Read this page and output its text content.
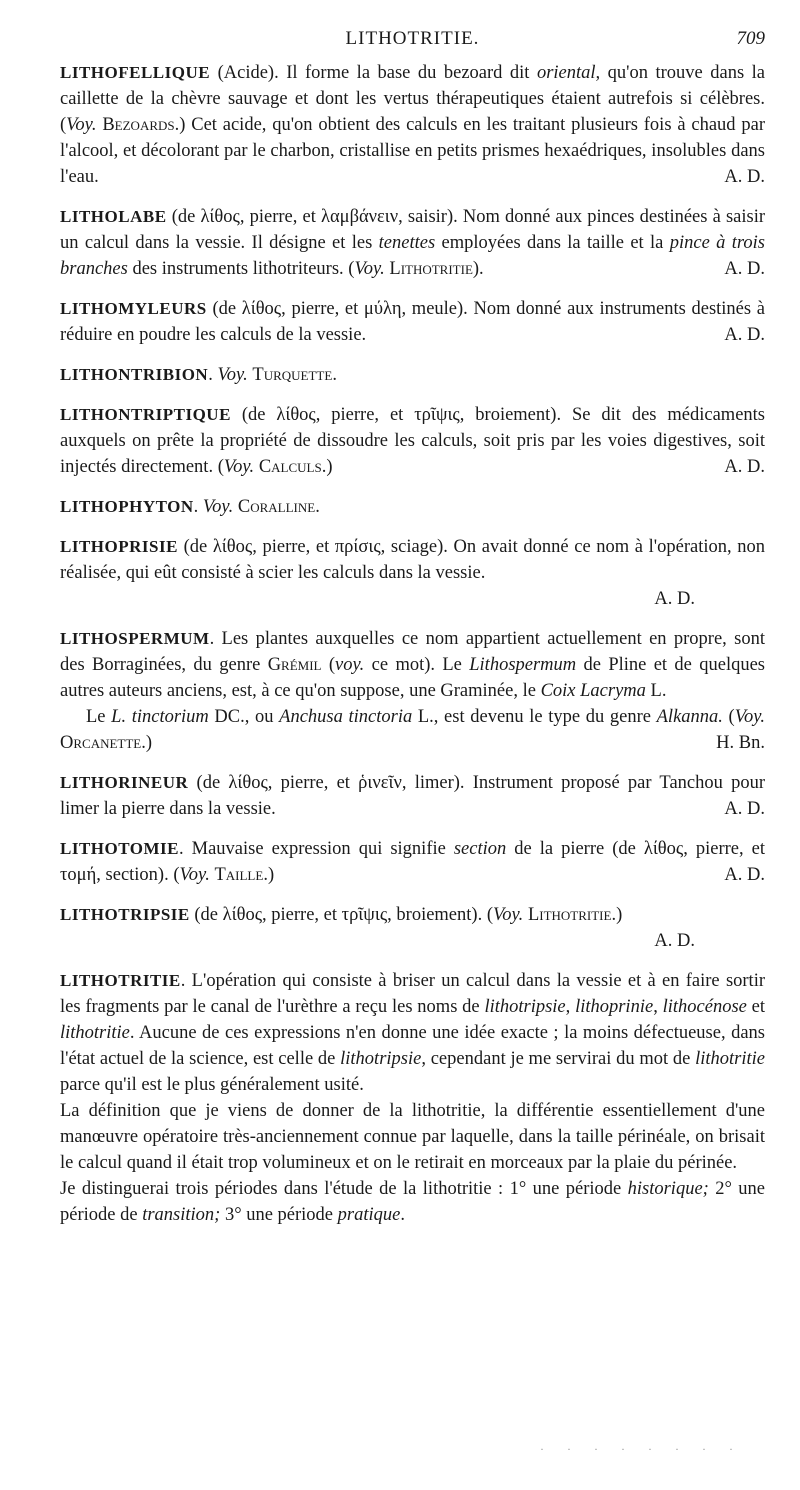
LITHOTRITIE.	709

LITHOFELLIQUE (Acide). Il forme la base du bezoard dit oriental, qu'on trouve dans la caillette de la chèvre sauvage et dont les vertus thérapeutiques étaient autrefois si célèbres. (Voy. Bezoards.) Cet acide, qu'on obtient des calculs en les traitant plusieurs fois à chaud par l'alcool, et décolorant par le charbon, cristallise en petits prismes hexaédriques, insolubles dans l'eau.	A. D.

LITHOLABE (de λίθος, pierre, et λαμβάνειν, saisir). Nom donné aux pinces destinées à saisir un calcul dans la vessie. Il désigne et les tenettes employées dans la taille et la pince à trois branches des instruments lithotriteurs. (Voy. Lithotritie).	A. D.

LITHOMYLEURS (de λίθος, pierre, et μύλη, meule). Nom donné aux instruments destinés à réduire en poudre les calculs de la vessie.	A. D.

LITHONTRIBION. Voy. Turquette.

LITHONTRIPTIQUE (de λίθος, pierre, et τρῖψις, broiement). Se dit des médicaments auxquels on prête la propriété de dissoudre les calculs, soit pris par les voies digestives, soit injectés directement. (Voy. Calculs.)	A. D.

LITHOPHYTON. Voy. Coralline.

LITHOPRISIE (de λίθος, pierre, et πρίσις, sciage). On avait donné ce nom à l'opération, non réalisée, qui eût consisté à scier les calculs dans la vessie.

A. D.

LITHOSPERMUM. Les plantes auxquelles ce nom appartient actuellement en propre, sont des Borraginées, du genre Grémil (voy. ce mot). Le Lithospermum de Pline et de quelques autres auteurs anciens, est, à ce qu'on suppose, une Graminée, le Coix Lacryma L.

Le L. tinctorium DC., ou Anchusa tinctoria L., est devenu le type du genre Alkanna. (Voy. Orcanette.)	H. Bn.

LITHORINEUR (de λίθος, pierre, et ῥινεῖν, limer). Instrument proposé par Tanchou pour limer la pierre dans la vessie.	A. D.

LITHOTOMIE. Mauvaise expression qui signifie section de la pierre (de λίθος, pierre, et τομή, section). (Voy. Taille.)	A. D.

LITHOTRIPSIE (de λίθος, pierre, et τρῖψις, broiement). (Voy. Lithotritie.)

A. D.

LITHOTRITIE. L'opération qui consiste à briser un calcul dans la vessie et à en faire sortir les fragments par le canal de l'urèthre a reçu les noms de lithotripsie, lithoprinie, lithocénose et lithotritie. Aucune de ces expressions n'en donne une idée exacte ; la moins défectueuse, dans l'état actuel de la science, est celle de lithotripsie, cependant je me servirai du mot de lithotritie parce qu'il est le plus généralement usité.

La définition que je viens de donner de la lithotritie, la différentie essentiellement d'une manœuvre opératoire très-anciennement connue par laquelle, dans la taille périnéale, on brisait le calcul quand il était trop volumineux et on le retirait en morceaux par la plaie du périnée.

Je distinguerai trois périodes dans l'étude de la lithotritie : 1° une période historique; 2° une période de transition; 3° une période pratique.

· · · · · · · ·
